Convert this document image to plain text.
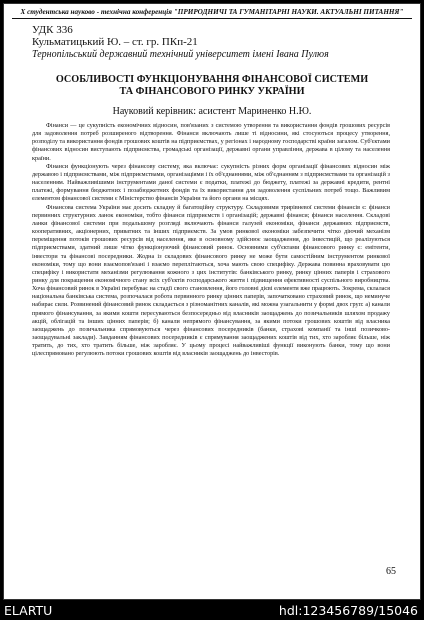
X студентська науково - технічна конференція "ПРИРОДНИЧІ ТА ГУМАНІТАРНІ НАУКИ. АКТУАЛЬНІ ПИТАННЯ"
УДК 336
Кульматицький Ю. – ст. гр. ПКп-21
Тернопільський державний технічний університет імені Івана Пулюя
ОСОБЛИВОСТІ ФУНКЦІОНУВАННЯ ФІНАНСОВОЇ СИСТЕМИ
ТА ФІНАНСОВОГО РИНКУ УКРАЇНИ
Науковий керівник: асистент Мариненко Н.Ю.

Фінанси — це сукупність економічних відносин, пов'язаних з системою утворення та використання фондів грошових ресурсів для задоволення потреб розширеного відтворення. Фінанси включають лише ті відносини, які стосуються процесу утворення, розподілу та використання фондів грошових коштів на підприємствах, у регіонах і народному господарстві країни загалом. Суб'єктами фінансових відносин виступають підприємства, громадські організації, державні органи управління, держава в цілому та населення країни.

Фінанси функціонують через фінансову систему, яка включає: сукупність різних форм організації фінансових відносин між державою і підприємствами, між підприємствами, організаціями і їх об'єднаннями, між об'єднанням з підприємствами та організацій з населенням. Найважливішими інструментами даної системи є податки, платежі до бюджету, платежі за державні кредити, рентні платежі, формування бюджетних і позабюджетних фондів та їх використання для задоволення суспільних потреб тощо. Важливим елементом фінансової системи є Міністерство фінансів України та його органи на місцях.

Фінансова система України має досить складну й багатоційну структуру. Складовими трирівневої системи фінансів є: фінанси первинних структурних ланок економіки, тобто фінанси підприємств і організацій; державні фінанси; фінанси населення. Складові ланки фінансової системи при подальшому розгляді включають фінанси галузей економіки, фінанси державних підприємств, кооперативних, акціонерних, приватних та інших підприємств. За умов ринкової економіки забезпечити чітко діючий механізм переміщення потоків грошових ресурсів від населення, яке в основному здійснює заощадження, до інвестицій, що реалізуються підприємствами, здатний лише чітко функціонуючий фінансовий ринок. Основними суб'єктами фінансового ринку є: емітенти, інвестори та фінансові посередники. Жодна із складових фінансового ринку не може бути самостійним інструментом ринкової економіки, тому що вони взаємопов'язані і взаємо переплітаються, хоча мають свою специфіку. Держава повинна враховувати цю специфіку і використати механізми регулювання кожного з цих інститутів: банківського ринку, ринку цінних паперів і страхового ринку для покращення економічного стану всіх суб'єктів господарського життя і підвищення ефективності суспільного виробництва. Хоча фінансовий ринок в Україні перебуває на стадії свого становлення, його головні дієві елементи вже працюють. Зокрема, склалася національна банківська система, розпочалася робота первинного ринку цінних паперів, започатковано страховий ринок, що неминуче набирає сили. Розвинений фінансовий ринок складається з різноманітних каналів, які можна узагальнити у формі двох груп: а) канали прямого фінансування, за якими кошти пересуваються безпосередньо від власників заощаджень до позичальників шляхом продажу акцій, облігацій та інших цінних паперів; б) канали непрямого фінансування, за якими потоки грошових коштів від власника заощаджень до позичальника спрямовуються через фінансових посередників (банки, страхові компанії та інші позичково-заощадувальні заклади). Завданням фінансових посередників є спрямування заощаджених коштів від тих, хто заробляє більше, ніж тратить, до тих, хто тратить більше, ніж заробляє. У цьому процесі найважливіші функції виконують банки, тому що вони цілеспрямовано регулюють потоки грошових коштів від власників заощаджень до інвесторів.

65
ELARTU	hdl:123456789/15046
